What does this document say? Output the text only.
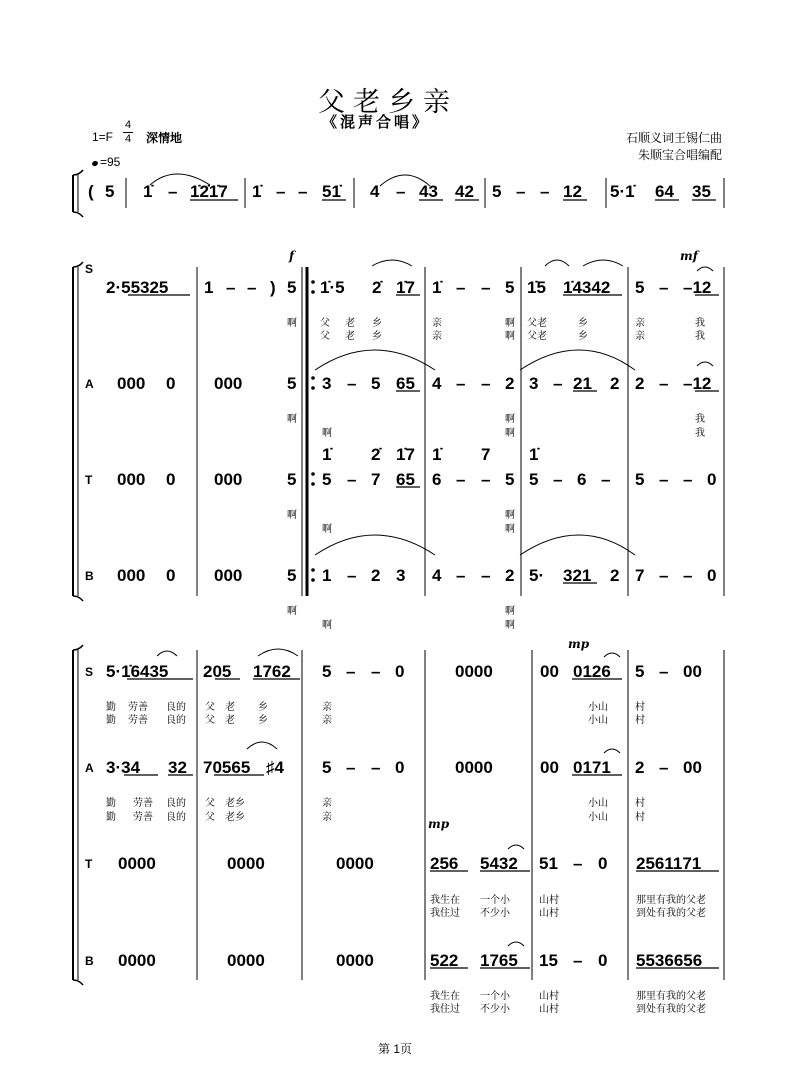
父老乡亲
《混声合唱》
1=F
4
4 深情地	石顺义词王锡仁曲
朱顺宝合唱编配
=95
S
A
T
B
S
A
T
B
f	mf
mp
mp
( 5 1̇ – 1̇2̇1̇7 1̇ – – 51̇ 4 – 43 42 5 – – 12 5·1̇ 64 35
2·55325 1 – – ) 5 1̇·5 2̇ 1̇7 1̇ – – 5 1̇5 1̇4342 5 – –12
啊 父 老 乡	亲	啊 父老	乡	亲	我
父 老 乡	亲	啊 父老	乡	亲	我
000 0 000	5 3 – 5 65 4 – – 2 3 – 21 2 2 – –12
啊	啊	我
啊	啊	我
1̇ 2̇ 1̇7 1̇ 7 1̇
000 0 000	5 5 – 7 65 6 – – 5 5 – 6 – 5 – – 0
啊	啊
啊	啊
000 0 000	5 1 – 2 3 4 – – 2 5· 321 2 7 – – 0
啊	啊
啊	啊
5·1̇6435 205 1762 5 – – 0	0000	00 0126 5 – 00
勤 劳善 良的 父 老 乡	亲	小山	村
勤 劳善 良的 父 老 乡	亲	小山	村
3·34 32 70565 ♯4 5 – – 0	0000	00 0171 2 – 00
勤 劳善 良的 父 老乡	亲	小山	村
勤 劳善 良的 父 老乡	亲	小山	村
0000	0000	0000	256 5432 51 – 0 2561171
我生在 一个小	山村	那里有我的父老
我住过 不少小	山村	到处有我的父老
0000	0000	0000	522 1765 15 – 0 5536656
我生在 一个小	山村	那里有我的父老
我住过 不少小	山村	到处有我的父老
第 1页
